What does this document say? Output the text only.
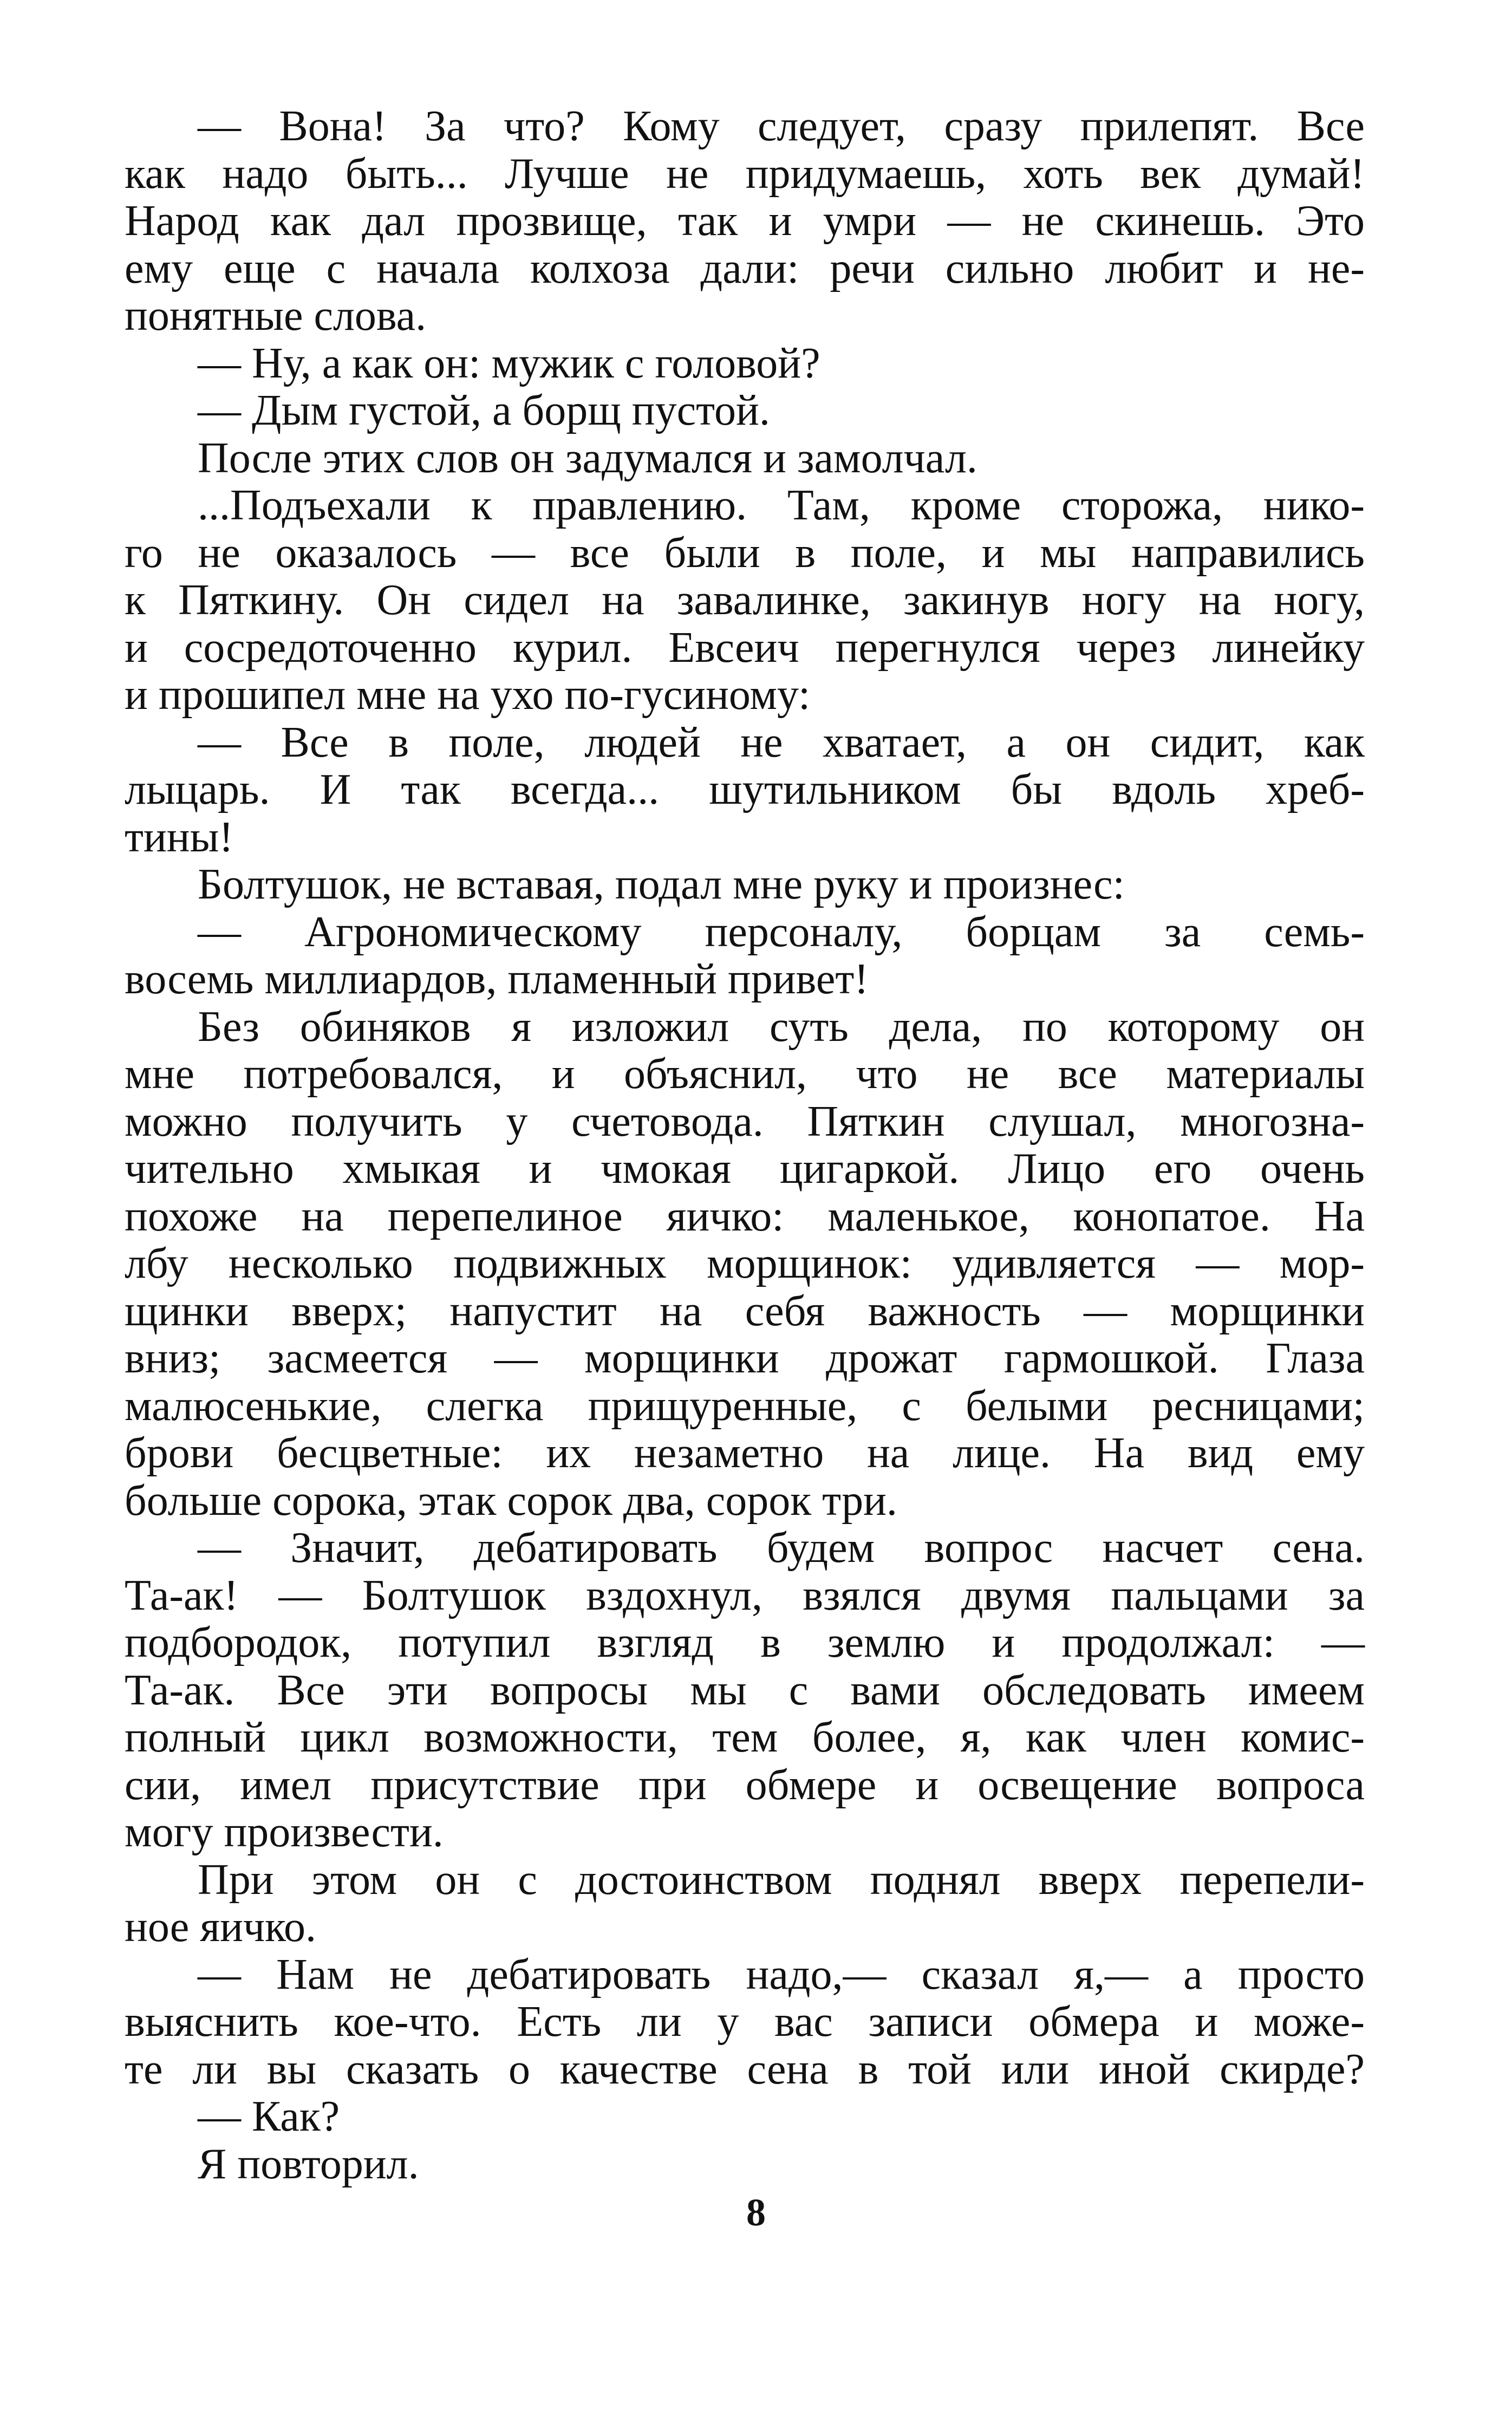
— Вона! За что? Кому следует, сразу прилепят. Все
как надо быть... Лучше не придумаешь, хоть век думай!
Народ как дал прозвище, так и умри — не скинешь. Это
ему еще с начала колхоза дали: речи сильно любит и не-
понятные слова.
— Ну, а как он: мужик с головой?
— Дым густой, а борщ пустой.
После этих слов он задумался и замолчал.
...Подъехали к правлению. Там, кроме сторожа, нико-
го не оказалось — все были в поле, и мы направились
к Пяткину. Он сидел на завалинке, закинув ногу на ногу,
и сосредоточенно курил. Евсеич перегнулся через линейку
и прошипел мне на ухо по-гусиному:
— Все в поле, людей не хватает, а он сидит, как
лыцарь. И так всегда... шутильником бы вдоль хреб-
тины!
Болтушок, не вставая, подал мне руку и произнес:
— Агрономическому персоналу, борцам за семь-
восемь миллиардов, пламенный привет!
Без обиняков я изложил суть дела, по которому он
мне потребовался, и объяснил, что не все материалы
можно получить у счетовода. Пяткин слушал, многозна-
чительно хмыкая и чмокая цигаркой. Лицо его очень
похоже на перепелиное яичко: маленькое, конопатое. На
лбу несколько подвижных морщинок: удивляется — мор-
щинки вверх; напустит на себя важность — морщинки
вниз; засмеется — морщинки дрожат гармошкой. Глаза
малюсенькие, слегка прищуренные, с белыми ресницами;
брови бесцветные: их незаметно на лице. На вид ему
больше сорока, этак сорок два, сорок три.
— Значит, дебатировать будем вопрос насчет сена.
Та-ак! — Болтушок вздохнул, взялся двумя пальцами за
подбородок, потупил взгляд в землю и продолжал: —
Та-ак. Все эти вопросы мы с вами обследовать имеем
полный цикл возможности, тем более, я, как член комис-
сии, имел присутствие при обмере и освещение вопроса
могу произвести.
При этом он с достоинством поднял вверх перепели-
ное яичко.
— Нам не дебатировать надо,— сказал я,— а просто
выяснить кое-что. Есть ли у вас записи обмера и може-
те ли вы сказать о качестве сена в той или иной скирде?
— Как?
Я повторил.
8
